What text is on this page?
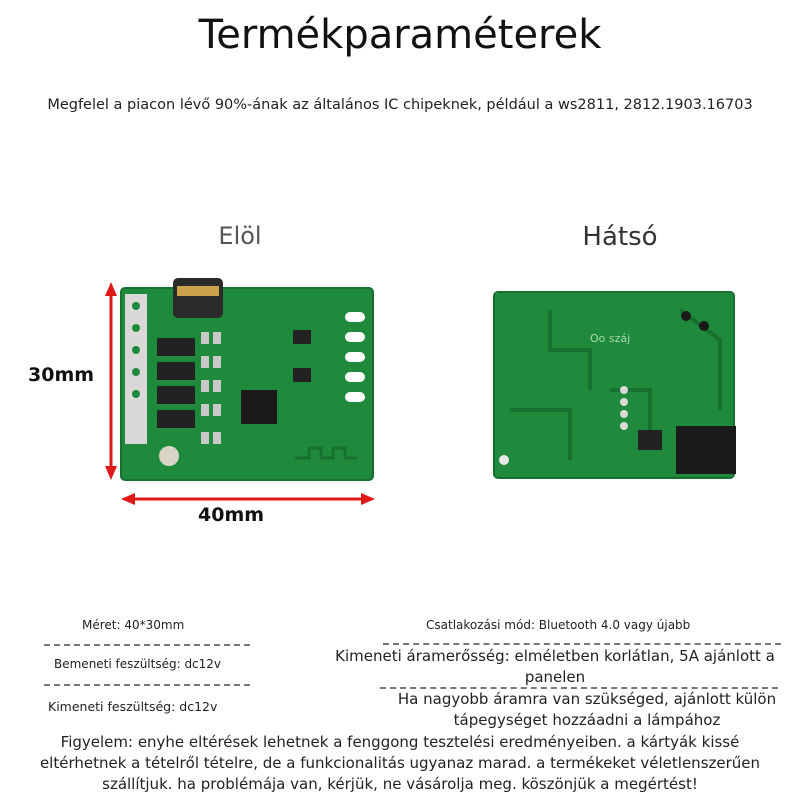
Termékparaméterek
Megfelel a piacon lévő 90%-ának az általános IC chipeknek, például a ws2811, 2812.1903.16703
Elöl	Hátsó
Oo száj
30mm
40mm
Méret: 40*30mm
Bemeneti feszültség: dc12v
Kimeneti feszültség: dc12v
Csatlakozási mód: Bluetooth 4.0 vagy újabb
Kimeneti áramerősség: elméletben korlátlan, 5A ajánlott a panelen
Ha nagyobb áramra van szükséged, ajánlott külön tápegységet hozzáadni a lámpához
Figyelem: enyhe eltérések lehetnek a fenggong tesztelési eredményeiben. a kártyák kissé eltérhetnek a tételről tételre, de a funkcionalitás ugyanaz marad. a termékeket véletlenszerűen szállítjuk. ha problémája van, kérjük, ne vásárolja meg. köszönjük a megértést!
